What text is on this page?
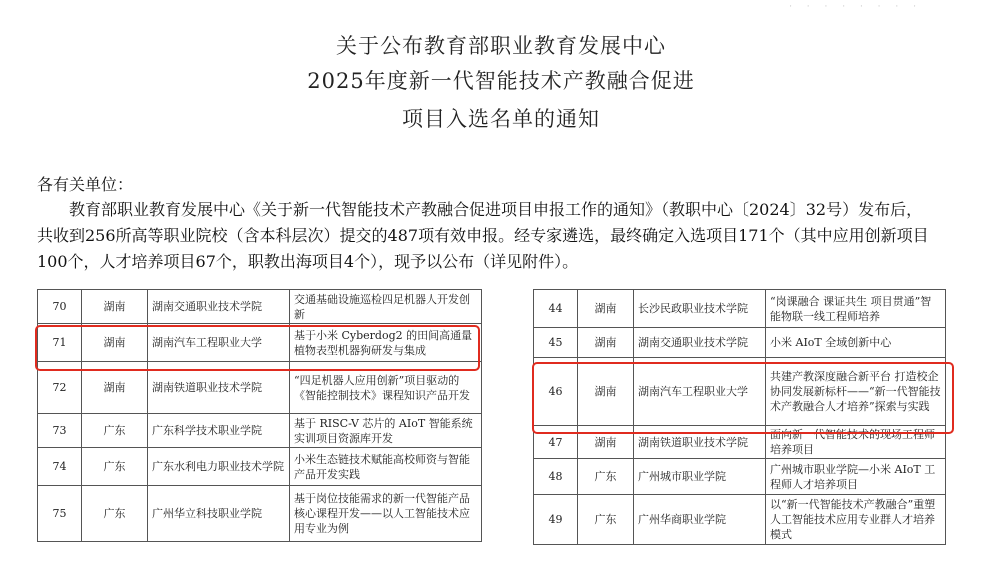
· · · · · · · ·
关于公布教育部职业教育发展中心
2025年度新一代智能技术产教融合促进
项目入选名单的通知
各有关单位：

教育部职业教育发展中心《关于新一代智能技术产教融合促进项目申报工作的通知》（教职中心〔2024〕32号）发布后，共收到256所高等职业院校（含本科层次）提交的487项有效申报。经专家遴选，最终确定入选项目171个（其中应用创新项目100个，人才培养项目67个，职教出海项目4个），现予以公布（详见附件）。

70	湖南	湖南交通职业技术学院	交通基础设施巡检四足机器人开发创新
71	湖南	湖南汽车工程职业大学	基于小米 Cyberdog2 的田间高通量植物表型机器狗研发与集成
72	湖南	湖南铁道职业技术学院	“四足机器人应用创新”项目驱动的《智能控制技术》课程知识产品开发
73	广东	广东科学技术职业学院	基于 RISC-V 芯片的 AIoT 智能系统实训项目资源库开发
74	广东	广东水利电力职业技术学院	小米生态链技术赋能高校师资与智能产品开发实践
75	广东	广州华立科技职业学院	基于岗位技能需求的新一代智能产品核心课程开发——以人工智能技术应用专业为例
44	湖南	长沙民政职业技术学院	“岗课融合 课证共生 项目贯通”智能物联一线工程师培养
45	湖南	湖南交通职业技术学院	小米 AIoT 全域创新中心
46	湖南	湖南汽车工程职业大学	共建产教深度融合新平台 打造校企协同发展新标杆——“新一代智能技术产教融合人才培养”探索与实践
47	湖南	湖南铁道职业技术学院	面向新一代智能技术的现场工程师培养项目
48	广东	广州城市职业学院	广州城市职业学院—小米 AIoT 工程师人才培养项目
49	广东	广州华商职业学院	以“新一代智能技术产教融合”重塑人工智能技术应用专业群人才培养模式
